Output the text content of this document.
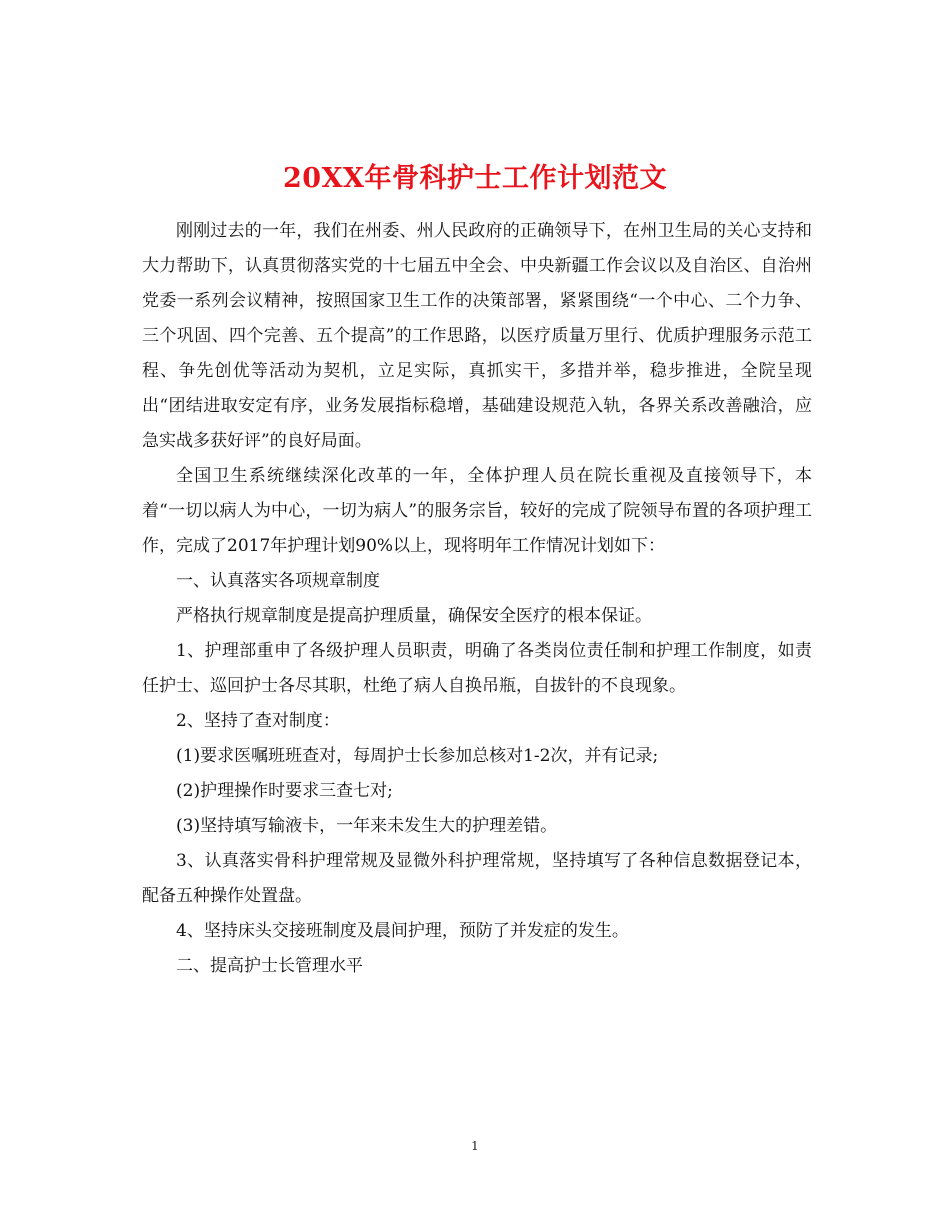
20XX年骨科护士工作计划范文

刚刚过去的一年，我们在州委、州人民政府的正确领导下，在州卫生局的关心支持和大力帮助下，认真贯彻落实党的十七届五中全会、中央新疆工作会议以及自治区、自治州党委一系列会议精神，按照国家卫生工作的决策部署，紧紧围绕“一个中心、二个力争、三个巩固、四个完善、五个提高”的工作思路，以医疗质量万里行、优质护理服务示范工程、争先创优等活动为契机，立足实际，真抓实干，多措并举，稳步推进，全院呈现出“团结进取安定有序，业务发展指标稳增，基础建设规范入轨，各界关系改善融洽，应急实战多获好评”的良好局面。

全国卫生系统继续深化改革的一年，全体护理人员在院长重视及直接领导下，本着“一切以病人为中心，一切为病人”的服务宗旨，较好的完成了院领导布置的各项护理工作，完成了2017年护理计划90%以上，现将明年工作情况计划如下：

一、认真落实各项规章制度

严格执行规章制度是提高护理质量，确保安全医疗的根本保证。

1、护理部重申了各级护理人员职责，明确了各类岗位责任制和护理工作制度，如责任护士、巡回护士各尽其职，杜绝了病人自换吊瓶，自拔针的不良现象。

2、坚持了查对制度：

(1)要求医嘱班班查对，每周护士长参加总核对1-2次，并有记录;

(2)护理操作时要求三查七对;

(3)坚持填写输液卡，一年来未发生大的护理差错。

3、认真落实骨科护理常规及显微外科护理常规，坚持填写了各种信息数据登记本，配备五种操作处置盘。

4、坚持床头交接班制度及晨间护理，预防了并发症的发生。

二、提高护士长管理水平

1
